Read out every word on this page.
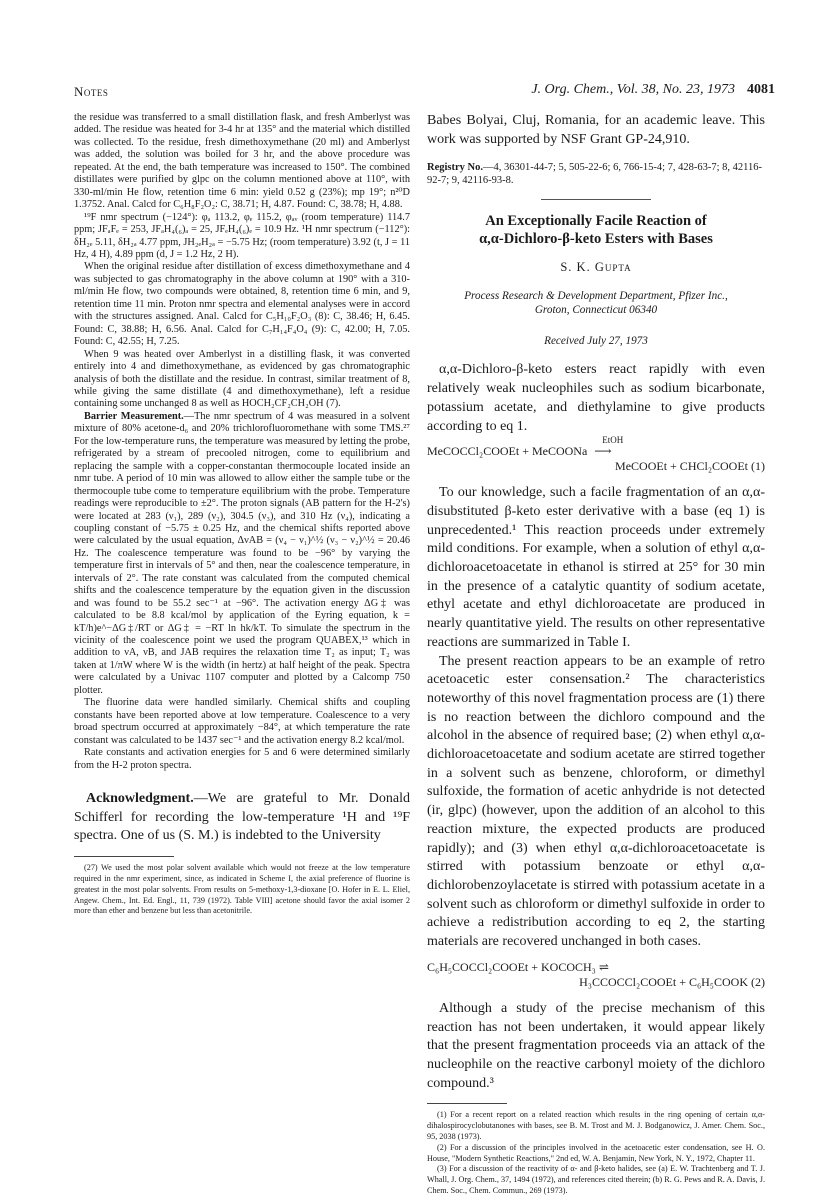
Notes	J. Org. Chem., Vol. 38, No. 23, 1973 4081

the residue was transferred to a small distillation flask, and fresh Amberlyst was added. The residue was heated for 3-4 hr at 135° and the material which distilled was collected. To the residue, fresh dimethoxymethane (20 ml) and Amberlyst was added, the solution was boiled for 3 hr, and the above procedure was repeated. At the end, the bath temperature was increased to 150°. The combined distillates were purified by glpc on the column mentioned above at 110°, with 330-ml/min He flow, retention time 6 min: yield 0.52 g (23%); mp 19°; n²⁰D 1.3752. Anal. Calcd for C₆H₈F₂O₂: C, 38.71; H, 4.87. Found: C, 38.78; H, 4.88.

¹⁹F nmr spectrum (−124°): φₐ 113.2, φₑ 115.2, φₐᵥ (room temperature) 114.7 ppm; JFₐFₑ = 253, JFₐH₄(₆)ₐ = 25, JFₑH₄(₆)ₑ = 10.9 Hz. ¹H nmr spectrum (−112°): δH₂ₑ 5.11, δH₂ₐ 4.77 ppm, JH₂ₑH₂ₐ = −5.75 Hz; (room temperature) 3.92 (t, J = 11 Hz, 4 H), 4.89 ppm (d, J = 1.2 Hz, 2 H).

When the original residue after distillation of excess dimethoxymethane and 4 was subjected to gas chromatography in the above column at 190° with a 310-ml/min He flow, two compounds were obtained, 8, retention time 6 min, and 9, retention time 11 min. Proton nmr spectra and elemental analyses were in accord with the structures assigned. Anal. Calcd for C₅H₁₀F₂O₃ (8): C, 38.46; H, 6.45. Found: C, 38.88; H, 6.56. Anal. Calcd for C₇H₁₄F₄O₄ (9): C, 42.00; H, 7.05. Found: C, 42.55; H, 7.25.

When 9 was heated over Amberlyst in a distilling flask, it was converted entirely into 4 and dimethoxymethane, as evidenced by gas chromatographic analysis of both the distillate and the residue. In contrast, similar treatment of 8, while giving the same distillate (4 and dimethoxymethane), left a residue containing some unchanged 8 as well as HOCH₂CF₂CH₂OH (7).

Barrier Measurement.—The nmr spectrum of 4 was measured in a solvent mixture of 80% acetone-d₆ and 20% trichlorofluoromethane with some TMS.²⁷ For the low-temperature runs, the temperature was measured by letting the probe, refrigerated by a stream of precooled nitrogen, come to equilibrium and replacing the sample with a copper-constantan thermocouple located inside an nmr tube. A period of 10 min was allowed to allow either the sample tube or the thermocouple tube come to temperature equilibrium with the probe. Temperature readings were reproducible to ±2°. The proton signals (AB pattern for the H-2's) were located at 283 (ν₁), 289 (ν₂), 304.5 (ν₃), and 310 Hz (ν₄), indicating a coupling constant of −5.75 ± 0.25 Hz, and the chemical shifts reported above were calculated by the usual equation, ΔνAB = (ν₄ − ν₁)^½ (ν₃ − ν₂)^½ = 20.46 Hz. The coalescence temperature was found to be −96° by varying the temperature first in intervals of 5° and then, near the coalescence temperature, in intervals of 2°. The rate constant was calculated from the computed chemical shifts and the coalescence temperature by the equation given in the discussion and was found to be 55.2 sec⁻¹ at −96°. The activation energy ΔG‡ was calculated to be 8.8 kcal/mol by application of the Eyring equation, k = kT/h)e^−ΔG‡/RT or ΔG‡ = −RT ln hk/kT. To simulate the spectrum in the vicinity of the coalescence point we used the program QUABEX,¹³ which in addition to νA, νB, and JAB requires the relaxation time T₂ as input; T₂ was taken at 1/πW where W is the width (in hertz) at half height of the peak. Spectra were calculated by a Univac 1107 computer and plotted by a Calcomp 750 plotter.

The fluorine data were handled similarly. Chemical shifts and coupling constants have been reported above at low temperature. Coalescence to a very broad spectrum occurred at approximately −84°, at which temperature the rate constant was calculated to be 1437 sec⁻¹ and the activation energy 8.2 kcal/mol.

Rate constants and activation energies for 5 and 6 were determined similarly from the H-2 proton spectra.

Acknowledgment.—We are grateful to Mr. Donald Schifferl for recording the low-temperature ¹H and ¹⁹F spectra. One of us (S. M.) is indebted to the University

(27) We used the most polar solvent available which would not freeze at the low temperature required in the nmr experiment, since, as indicated in Scheme I, the axial preference of fluorine is greatest in the most polar solvents. From results on 5-methoxy-1,3-dioxane [O. Hofer in E. L. Eliel, Angew. Chem., Int. Ed. Engl., 11, 739 (1972). Table VIII] acetone should favor the axial isomer 2 more than ether and benzene but less than acetonitrile.

Babes Bolyai, Cluj, Romania, for an academic leave. This work was supported by NSF Grant GP-24,910.

Registry No.—4, 36301-44-7; 5, 505-22-6; 6, 766-15-4; 7, 428-63-7; 8, 42116-92-7; 9, 42116-93-8.

An Exceptionally Facile Reaction of
α,α-Dichloro-β-keto Esters with Bases

S. K. Gupta

Process Research & Development Department, Pfizer Inc.,
Groton, Connecticut 06340
Received July 27, 1973

α,α-Dichloro-β-keto esters react rapidly with even relatively weak nucleophiles such as sodium bicarbonate, potassium acetate, and diethylamine to give products according to eq 1.

MeCOCCl₂COOEt + MeCOONa
EtOH
⟶
MeCOOEt + CHCl₂COOEt (1)

To our knowledge, such a facile fragmentation of an α,α-disubstituted β-keto ester derivative with a base (eq 1) is unprecedented.¹ This reaction proceeds under extremely mild conditions. For example, when a solution of ethyl α,α-dichloroacetoacetate in ethanol is stirred at 25° for 30 min in the presence of a catalytic quantity of sodium acetate, ethyl acetate and ethyl dichloroacetate are produced in nearly quantitative yield. The results on other representative reactions are summarized in Table I.

The present reaction appears to be an example of retro acetoacetic ester consensation.² The characteristics noteworthy of this novel fragmentation process are (1) there is no reaction between the dichloro compound and the alcohol in the absence of required base; (2) when ethyl α,α-dichloroacetoacetate and sodium acetate are stirred together in a solvent such as benzene, chloroform, or dimethyl sulfoxide, the formation of acetic anhydride is not detected (ir, glpc) (however, upon the addition of an alcohol to this reaction mixture, the expected products are produced rapidly); and (3) when ethyl α,α-dichloroacetoacetate is stirred with potassium benzoate or ethyl α,α-dichlorobenzoylacetate is stirred with potassium acetate in a solvent such as chloroform or dimethyl sulfoxide in order to achieve a redistribution according to eq 2, the starting materials are recovered unchanged in both cases.

C₆H₅COCCl₂COOEt + KOCOCH₃ ⇌
H₃CCOCCl₂COOEt + C₆H₅COOK (2)

Although a study of the precise mechanism of this reaction has not been undertaken, it would appear likely that the present fragmentation proceeds via an attack of the nucleophile on the reactive carbonyl moiety of the dichloro compound.³

(1) For a recent report on a related reaction which results in the ring opening of certain α,α-dihalospirocyclobutanones with bases, see B. M. Trost and M. J. Bodganowicz, J. Amer. Chem. Soc., 95, 2038 (1973).

(2) For a discussion of the principles involved in the acetoacetic ester condensation, see H. O. House, "Modern Synthetic Reactions," 2nd ed, W. A. Benjamin, New York, N. Y., 1972, Chapter 11.

(3) For a discussion of the reactivity of α- and β-keto halides, see (a) E. W. Trachtenberg and T. J. Whall, J. Org. Chem., 37, 1494 (1972), and references cited therein; (b) R. G. Pews and R. A. Davis, J. Chem. Soc., Chem. Commun., 269 (1973).
